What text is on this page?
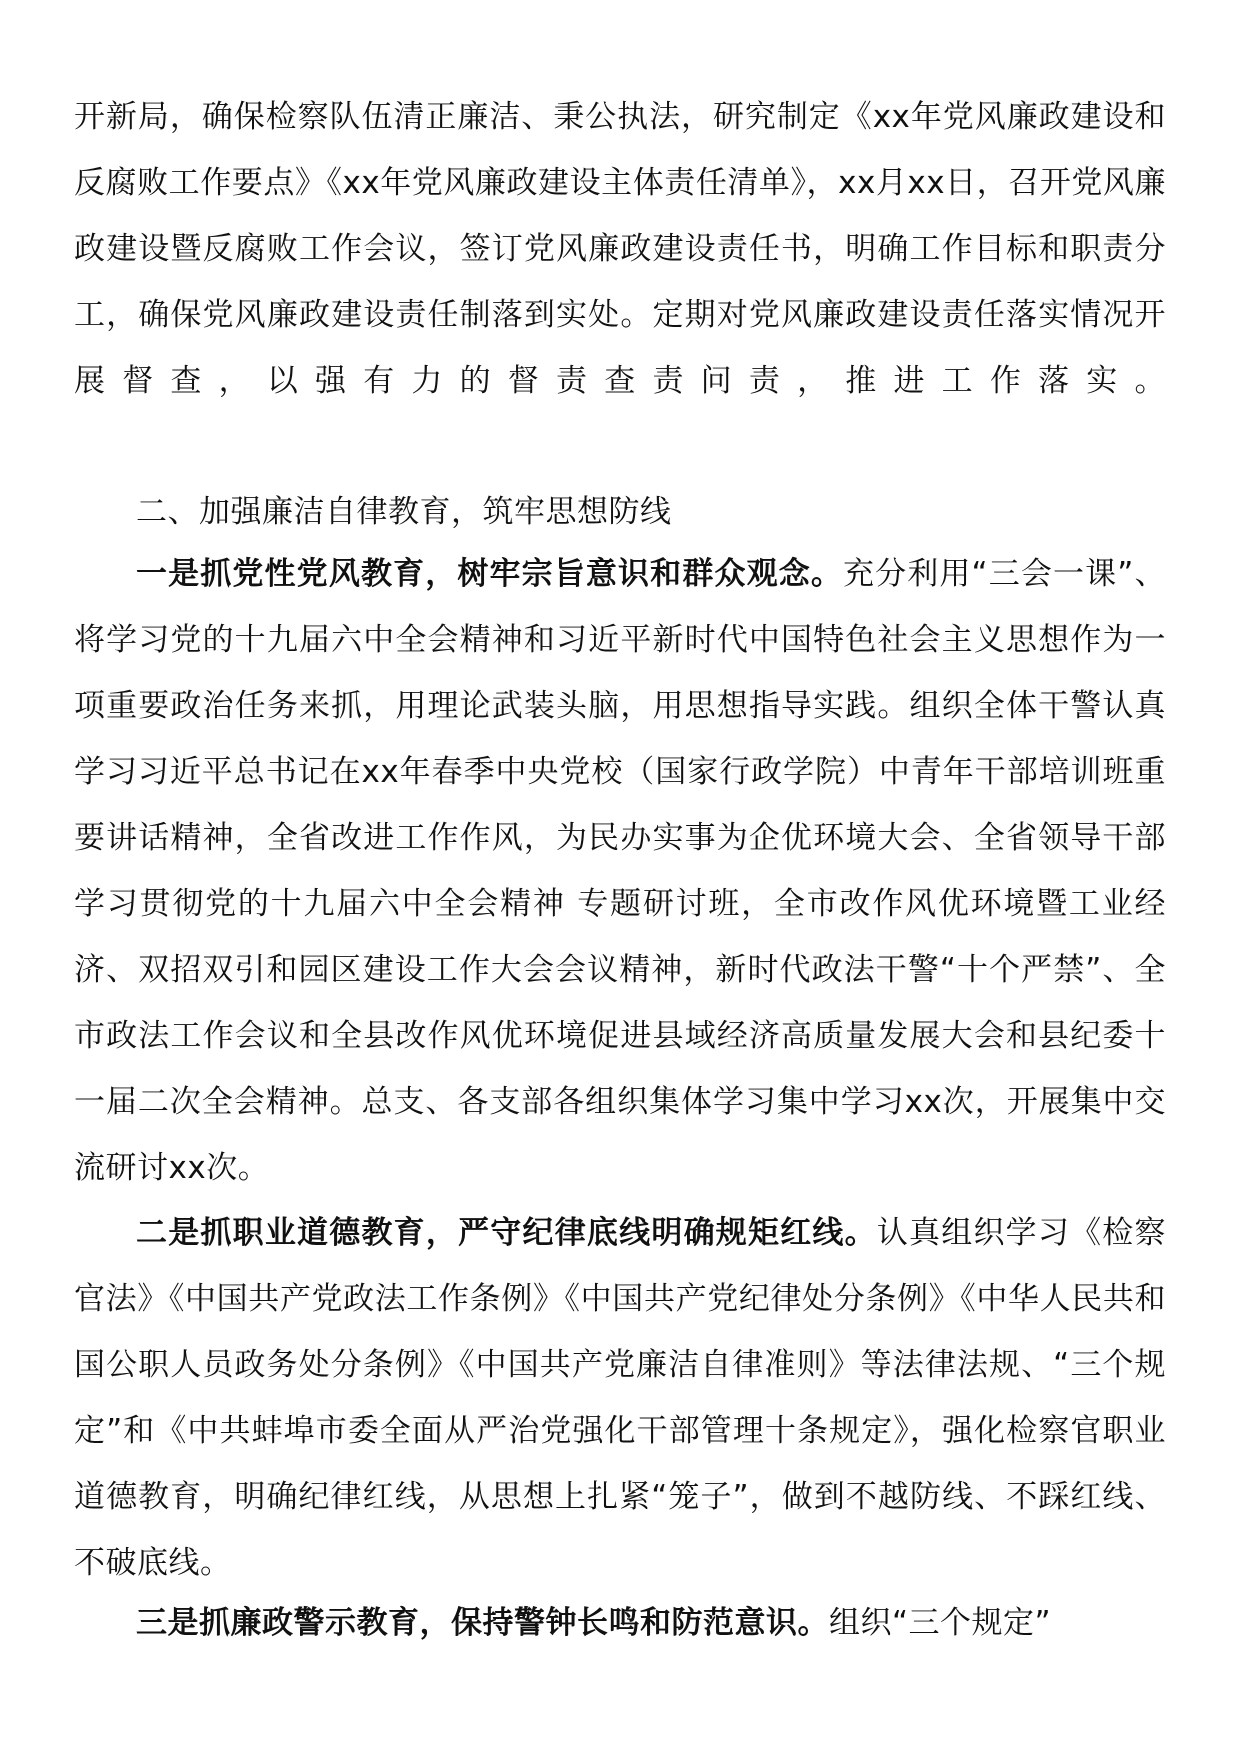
开新局，确保检察队伍清正廉洁、秉公执法，研究制定《xx年党风廉政建设和反腐败工作要点》《xx年党风廉政建设主体责任清单》，xx月xx日，召开党风廉政建设暨反腐败工作会议，签订党风廉政建设责任书，明确工作目标和职责分工，确保党风廉政建设责任制落到实处。定期对党风廉政建设责任落实情况开展督查，以强有力的督责查责问责，推进工作落实。
二、加强廉洁自律教育，筑牢思想防线
一是抓党性党风教育，树牢宗旨意识和群众观念。充分利用“三会一课”、将学习党的十九届六中全会精神和习近平新时代中国特色社会主义思想作为一项重要政治任务来抓，用理论武装头脑，用思想指导实践。组织全体干警认真学习习近平总书记在xx年春季中央党校（国家行政学院）中青年干部培训班重要讲话精神，全省改进工作作风，为民办实事为企优环境大会、全省领导干部学习贯彻党的十九届六中全会精神 专题研讨班，全市改作风优环境暨工业经济、双招双引和园区建设工作大会会议精神，新时代政法干警“十个严禁”、全市政法工作会议和全县改作风优环境促进县域经济高质量发展大会和县纪委十一届二次全会精神。总支、各支部各组织集体学习集中学习xx次，开展集中交流研讨xx次。
二是抓职业道德教育，严守纪律底线明确规矩红线。认真组织学习《检察官法》《中国共产党政法工作条例》《中国共产党纪律处分条例》《中华人民共和国公职人员政务处分条例》《中国共产党廉洁自律准则》等法律法规、“三个规定”和《中共蚌埠市委全面从严治党强化干部管理十条规定》，强化检察官职业道德教育，明确纪律红线，从思想上扎紧“笼子”，做到不越防线、不踩红线、不破底线。
三是抓廉政警示教育，保持警钟长鸣和防范意识。组织“三个规定”
